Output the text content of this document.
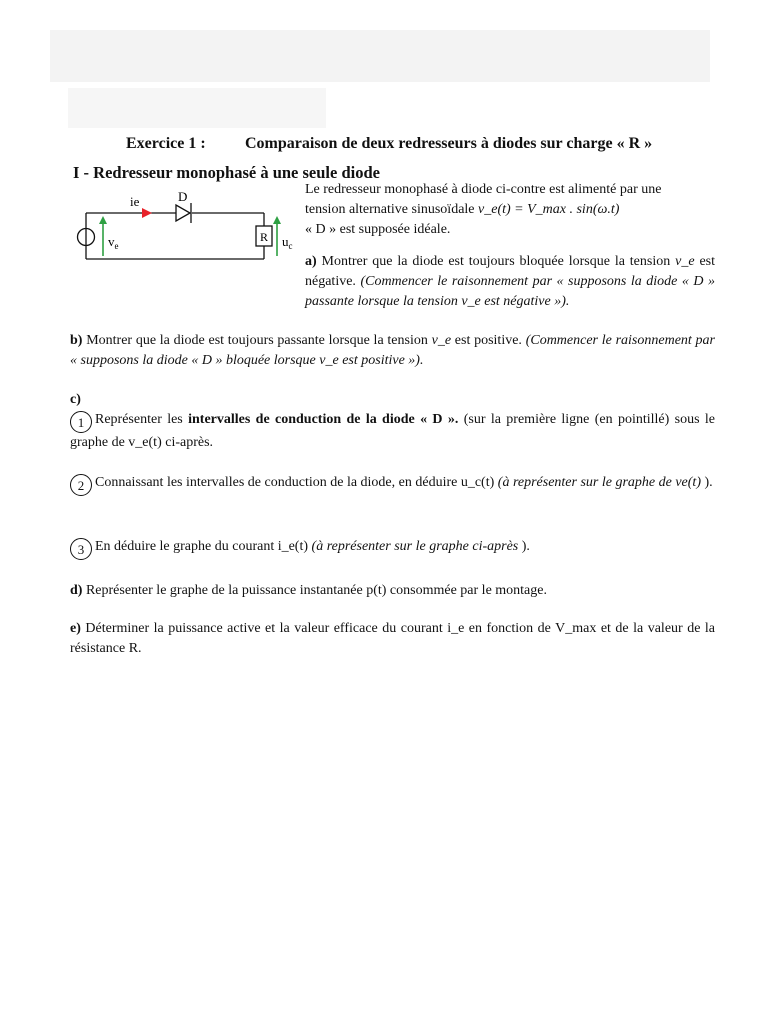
Exercice 1 : Comparaison de deux redresseurs à diodes sur charge « R »
I - Redresseur monophasé à une seule diode
ie	D
R
$v_e$	$u_c$
Le redresseur monophasé à diode ci-contre est alimenté par une
tension alternative sinusoïdale v_e(t) = V_max . sin(ω.t)
« D » est supposée idéale.
a) Montrer que la diode est toujours bloquée lorsque la tension v_e est négative. (Commencer le raisonnement par « supposons la diode « D » passante lorsque la tension v_e est négative »).
b) Montrer que la diode est toujours passante lorsque la tension v_e est positive. (Commencer le raisonnement par « supposons la diode « D » bloquée lorsque v_e est positive »).
c)
1 Représenter les intervalles de conduction de la diode « D ». (sur la première ligne (en pointillé) sous le graphe de v_e(t) ci-après.
2 Connaissant les intervalles de conduction de la diode, en déduire u_c(t) (à représenter sur le graphe de ve(t) ).
3 En déduire le graphe du courant i_e(t) (à représenter sur le graphe ci-après ).
d) Représenter le graphe de la puissance instantanée p(t) consommée par le montage.
e) Déterminer la puissance active et la valeur efficace du courant i_e en fonction de V_max et de la valeur de la résistance R.
